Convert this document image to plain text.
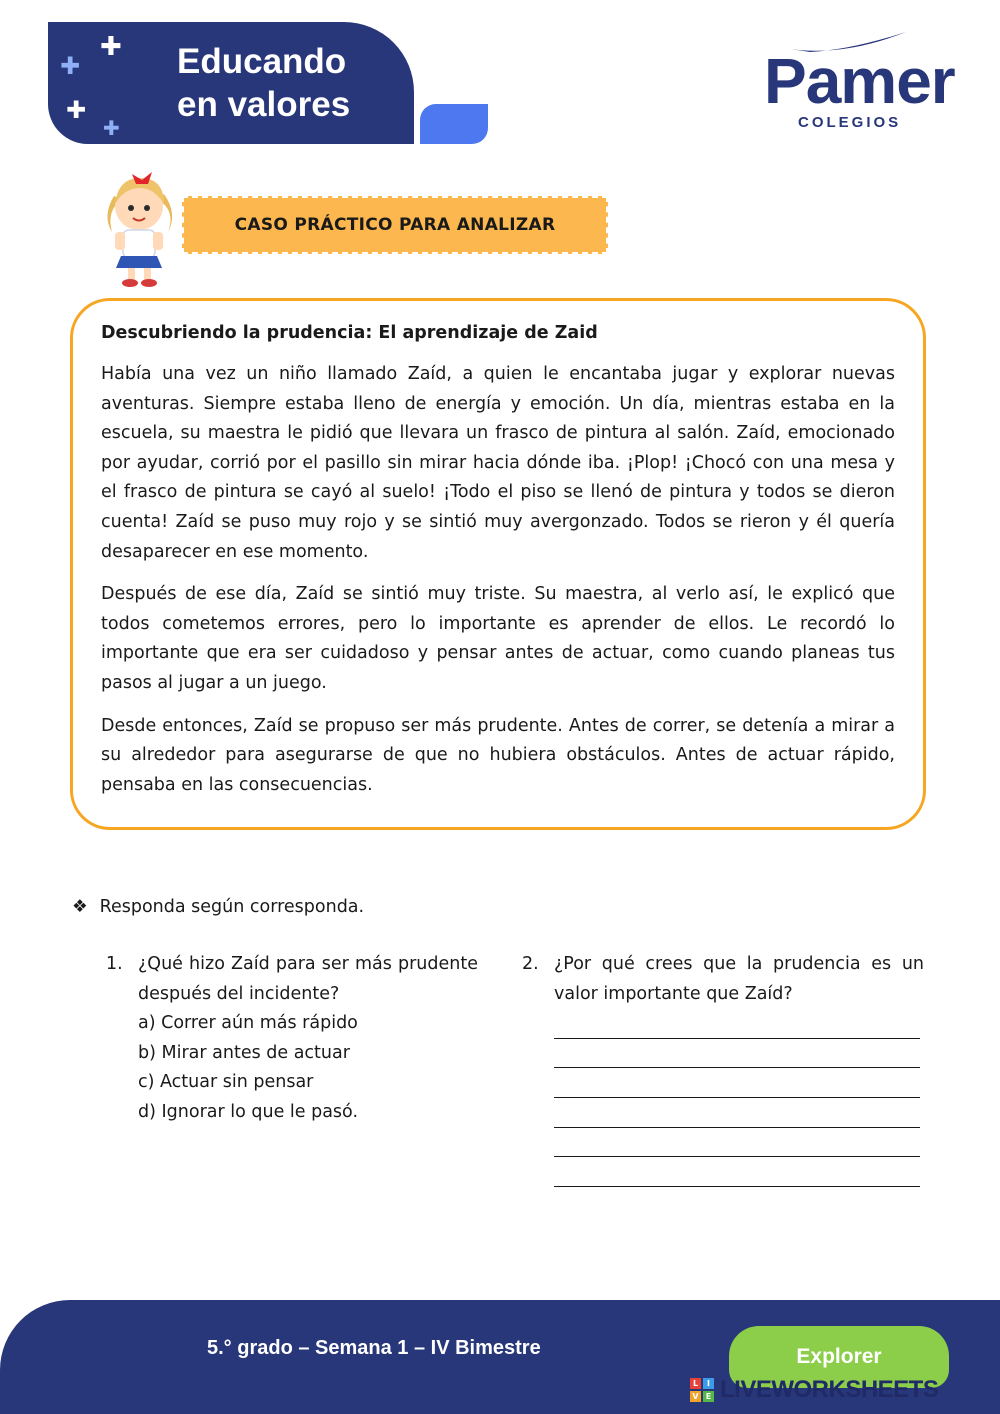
✚
✚
✚
✚
Educando
en valores	Pamer
COLEGIOS
CASO PRÁCTICO PARA ANALIZAR

Descubriendo la prudencia: El aprendizaje de Zaid

Había una vez un niño llamado Zaíd, a quien le encantaba jugar y explorar nuevas aventuras. Siempre estaba lleno de energía y emoción. Un día, mientras estaba en la escuela, su maestra le pidió que llevara un frasco de pintura al salón. Zaíd, emocionado por ayudar, corrió por el pasillo sin mirar hacia dónde iba. ¡Plop! ¡Chocó con una mesa y el frasco de pintura se cayó al suelo! ¡Todo el piso se llenó de pintura y todos se dieron cuenta! Zaíd se puso muy rojo y se sintió muy avergonzado. Todos se rieron y él quería desaparecer en ese momento.

Después de ese día, Zaíd se sintió muy triste. Su maestra, al verlo así, le explicó que todos cometemos errores, pero lo importante es aprender de ellos. Le recordó lo importante que era ser cuidadoso y pensar antes de actuar, como cuando planeas tus pasos al jugar a un juego.

Desde entonces, Zaíd se propuso ser más prudente. Antes de correr, se detenía a mirar a su alrededor para asegurarse de que no hubiera obstáculos. Antes de actuar rápido, pensaba en las consecuencias.

❖ Responda según corresponda.
1. ¿Qué hizo Zaíd para ser más prudente después del incidente?
a) Correr aún más rápido
b) Mirar antes de actuar
c) Actuar sin pensar
d) Ignorar lo que le pasó.
2. ¿Por qué crees que la prudencia es un valor importante que Zaíd?
5.° grado – Semana 1 – IV Bimestre	Explorer
L	I
V E LIVEWORKSHEETS
